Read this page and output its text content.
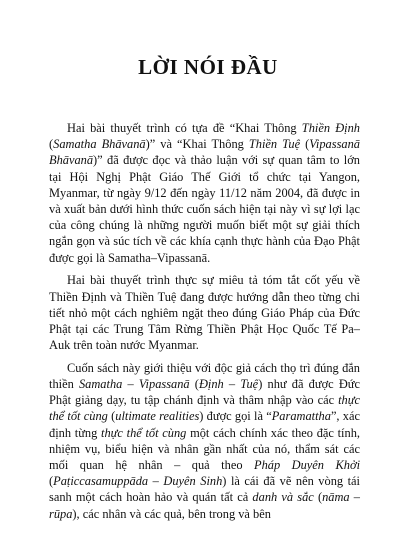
LỜI NÓI ĐẦU

Hai bài thuyết trình có tựa đề “Khai Thông Thiền Định (Samatha Bhāvanā)” và “Khai Thông Thiền Tuệ (Vipassanā Bhāvanā)” đã được đọc và thảo luận với sự quan tâm to lớn tại Hội Nghị Phật Giáo Thế Giới tổ chức tại Yangon, Myanmar, từ ngày 9/12 đến ngày 11/12 năm 2004, đã được in và xuất bản dưới hình thức cuốn sách hiện tại này vì sự lợi lạc của công chúng là những người muốn biết một sự giải thích ngắn gọn và súc tích về các khía cạnh thực hành của Đạo Phật được gọi là Samatha–Vipassanā.

Hai bài thuyết trình thực sự miêu tả tóm tắt cốt yếu về Thiền Định và Thiền Tuệ đang được hướng dẫn theo từng chi tiết nhỏ một cách nghiêm ngặt theo đúng Giáo Pháp của Đức Phật tại các Trung Tâm Rừng Thiền Phật Học Quốc Tế Pa–Auk trên toàn nước Myanmar.

Cuốn sách này giới thiệu với độc giả cách thọ trì đúng đắn thiền Samatha – Vipassanā (Định – Tuệ) như đã được Đức Phật giảng dạy, tu tập chánh định và thâm nhập vào các thực thể tốt cùng (ultimate realities) được gọi là “Paramattha”, xác định từng thực thể tốt cùng một cách chính xác theo đặc tính, nhiệm vụ, biểu hiện và nhân gần nhất của nó, thẩm sát các mối quan hệ nhân – quả theo Pháp Duyên Khởi (Paṭiccasamuppāda – Duyên Sinh) là cái đã vẽ nên vòng tái sanh một cách hoàn hảo và quán tất cả danh và sắc (nāma – rūpa), các nhân và các quả, bên trong và bên
